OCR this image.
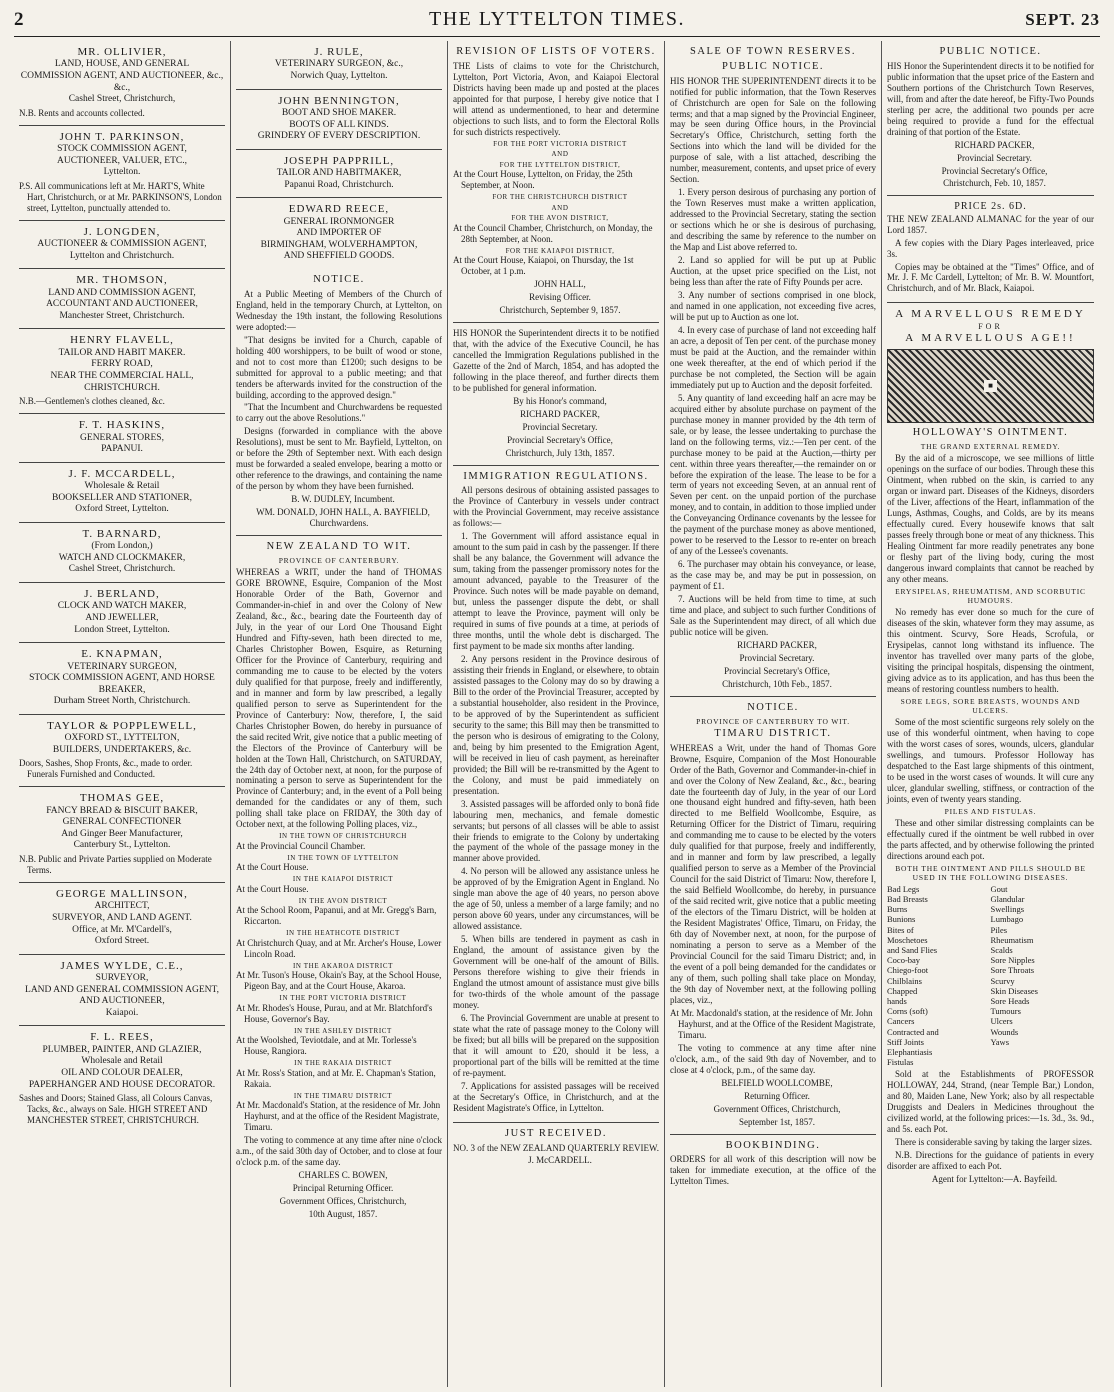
2	THE LYTTELTON TIMES.	SEPT. 23
MR. OLLIVIER,
LAND, HOUSE, AND GENERAL
COMMISSION AGENT, AND AUCTIONEER, &c., &c.,
Cashel Street, Christchurch,
N.B. Rents and accounts collected.
JOHN T. PARKINSON,
STOCK COMMISSION AGENT,
AUCTIONEER, VALUER, ETC.,
Lyttelton.
P.S. All communications left at Mr. HART'S, White Hart, Christchurch, or at Mr. PARKINSON'S, London street, Lyttelton, punctually attended to.
J. LONGDEN,
AUCTIONEER & COMMISSION AGENT,
Lyttelton and Christchurch.
MR. THOMSON,
LAND AND COMMISSION AGENT,
ACCOUNTANT AND AUCTIONEER,
Manchester Street, Christchurch.
HENRY FLAVELL,
TAILOR AND HABIT MAKER.
FERRY ROAD,
NEAR THE COMMERCIAL HALL,
CHRISTCHURCH.
N.B.—Gentlemen's clothes cleaned, &c.
F. T. HASKINS,
GENERAL STORES,
PAPANUI.
J. F. MCCARDELL,
Wholesale & Retail
BOOKSELLER AND STATIONER,
Oxford Street, Lyttelton.
T. BARNARD,
(From London,)
WATCH AND CLOCKMAKER,
Cashel Street, Christchurch.
J. BERLAND,
CLOCK AND WATCH MAKER,
AND JEWELLER,
London Street, Lyttelton.
E. KNAPMAN,
VETERINARY SURGEON,
STOCK COMMISSION AGENT, AND HORSE BREAKER,
Durham Street North, Christchurch.
TAYLOR & POPPLEWELL,
OXFORD ST., LYTTELTON,
BUILDERS, UNDERTAKERS, &c.
Doors, Sashes, Shop Fronts, &c., made to order. Funerals Furnished and Conducted.
THOMAS GEE,
FANCY BREAD & BISCUIT BAKER,
GENERAL CONFECTIONER
And Ginger Beer Manufacturer,
Canterbury St., Lyttelton.
N.B. Public and Private Parties supplied on Moderate Terms.
GEORGE MALLINSON,
ARCHITECT,
SURVEYOR, AND LAND AGENT.
Office, at Mr. M'Cardell's,
Oxford Street.
JAMES WYLDE, C.E.,
SURVEYOR,
LAND AND GENERAL COMMISSION AGENT,
AND AUCTIONEER,
Kaiapoi.
F. L. REES,
PLUMBER, PAINTER, AND GLAZIER,
Wholesale and Retail
OIL AND COLOUR DEALER,
PAPERHANGER AND HOUSE DECORATOR.
Sashes and Doors; Stained Glass, all Colours Canvas, Tacks, &c., always on Sale. HIGH STREET AND MANCHESTER STREET, CHRISTCHURCH.
J. RULE,
VETERINARY SURGEON, &c.,
Norwich Quay, Lyttelton.
JOHN BENNINGTON,
BOOT AND SHOE MAKER.
BOOTS OF ALL KINDS.
GRINDERY OF EVERY DESCRIPTION.
JOSEPH PAPPRILL,
TAILOR AND HABITMAKER,
Papanui Road, Christchurch.
EDWARD REECE,
GENERAL IRONMONGER
AND IMPORTER OF
BIRMINGHAM, WOLVERHAMPTON,
AND SHEFFIELD GOODS.
NOTICE.

At a Public Meeting of Members of the Church of England, held in the temporary Church, at Lyttelton, on Wednesday the 19th instant, the following Resolutions were adopted:—

"That designs be invited for a Church, capable of holding 400 worshippers, to be built of wood or stone, and not to cost more than £1200; such designs to be submitted for approval to a public meeting; and that tenders be afterwards invited for the construction of the building, according to the approved design."

"That the Incumbent and Churchwardens be requested to carry out the above Resolutions."

Designs (forwarded in compliance with the above Resolutions), must be sent to Mr. Bayfield, Lyttelton, on or before the 29th of September next. With each design must be forwarded a sealed envelope, bearing a motto or other reference to the drawings, and containing the name of the person by whom they have been furnished.

B. W. DUDLEY, Incumbent.

WM. DONALD, JOHN HALL, A. BAYFIELD, Churchwardens.

NEW ZEALAND TO WIT.
PROVINCE OF CANTERBURY.

WHEREAS a WRIT, under the hand of THOMAS GORE BROWNE, Esquire, Companion of the Most Honorable Order of the Bath, Governor and Commander-in-chief in and over the Colony of New Zealand, &c., &c., bearing date the Fourteenth day of July, in the year of our Lord One Thousand Eight Hundred and Fifty-seven, hath been directed to me, Charles Christopher Bowen, Esquire, as Returning Officer for the Province of Canterbury, requiring and commanding me to cause to be elected by the voters duly qualified for that purpose, freely and indifferently, and in manner and form by law prescribed, a legally qualified person to serve as Superintendent for the Province of Canterbury: Now, therefore, I, the said Charles Christopher Bowen, do hereby in pursuance of the said recited Writ, give notice that a public meeting of the Electors of the Province of Canterbury will be holden at the Town Hall, Christchurch, on SATURDAY, the 24th day of October next, at noon, for the purpose of nominating a person to serve as Superintendent for the Province of Canterbury; and, in the event of a Poll being demanded for the candidates or any of them, such polling shall take place on FRIDAY, the 30th day of October next, at the following Polling places, viz.,

IN THE TOWN OF CHRISTCHURCH

At the Provincial Council Chamber.

IN THE TOWN OF LYTTELTON

At the Court House.

IN THE KAIAPOI DISTRICT

At the Court House.

IN THE AVON DISTRICT

At the School Room, Papanui, and at Mr. Gregg's Barn, Riccarton.

IN THE HEATHCOTE DISTRICT

At Christchurch Quay, and at Mr. Archer's House, Lower Lincoln Road.

IN THE AKAROA DISTRICT

At Mr. Tuson's House, Okain's Bay, at the School House, Pigeon Bay, and at the Court House, Akaroa.

IN THE PORT VICTORIA DISTRICT

At Mr. Rhodes's House, Purau, and at Mr. Blatchford's House, Governor's Bay.

IN THE ASHLEY DISTRICT

At the Woolshed, Teviotdale, and at Mr. Torlesse's House, Rangiora.

IN THE RAKAIA DISTRICT

At Mr. Ross's Station, and at Mr. E. Chapman's Station, Rakaia.

IN THE TIMARU DISTRICT

At Mr. Macdonald's Station, at the residence of Mr. John Hayhurst, and at the office of the Resident Magistrate, Timaru.

The voting to commence at any time after nine o'clock a.m., of the said 30th day of October, and to close at four o'clock p.m. of the same day.

CHARLES C. BOWEN,

Principal Returning Officer.

Government Offices, Christchurch,

10th August, 1857.

REVISION OF LISTS OF VOTERS.

THE Lists of claims to vote for the Christchurch, Lyttelton, Port Victoria, Avon, and Kaiapoi Electoral Districts having been made up and posted at the places appointed for that purpose, I hereby give notice that I will attend as undermentioned, to hear and determine objections to such lists, and to form the Electoral Rolls for such districts respectively.

FOR THE PORT VICTORIA DISTRICT

AND

FOR THE LYTTELTON DISTRICT,

At the Court House, Lyttelton, on Friday, the 25th September, at Noon.

FOR THE CHRISTCHURCH DISTRICT

AND

FOR THE AVON DISTRICT,

At the Council Chamber, Christchurch, on Monday, the 28th September, at Noon.

FOR THE KAIAPOI DISTRICT,

At the Court House, Kaiapoi, on Thursday, the 1st October, at 1 p.m.

JOHN HALL,

Revising Officer.

Christchurch, September 9, 1857.

HIS HONOR the Superintendent directs it to be notified that, with the advice of the Executive Council, he has cancelled the Immigration Regulations published in the Gazette of the 2nd of March, 1854, and has adopted the following in the place thereof, and further directs them to be published for general information.

By his Honor's command,

RICHARD PACKER,

Provincial Secretary.

Provincial Secretary's Office,

Christchurch, July 13th, 1857.

IMMIGRATION REGULATIONS.

All persons desirous of obtaining assisted passages to the Province of Canterbury in vessels under contract with the Provincial Government, may receive assistance as follows:—

1. The Government will afford assistance equal in amount to the sum paid in cash by the passenger. If there shall be any balance, the Government will advance the sum, taking from the passenger promissory notes for the amount advanced, payable to the Treasurer of the Province. Such notes will be made payable on demand, but, unless the passenger dispute the debt, or shall attempt to leave the Province, payment will only be required in sums of five pounds at a time, at periods of three months, until the whole debt is discharged. The first payment to be made six months after landing.

2. Any persons resident in the Province desirous of assisting their friends in England, or elsewhere, to obtain assisted passages to the Colony may do so by drawing a Bill to the order of the Provincial Treasurer, accepted by a substantial householder, also resident in the Province, to be approved of by the Superintendent as sufficient security to the same; this Bill may then be transmitted to the person who is desirous of emigrating to the Colony, and, being by him presented to the Emigration Agent, will be received in lieu of cash payment, as hereinafter provided; the Bill will be re-transmitted by the Agent to the Colony, and must be paid immediately on presentation.

3. Assisted passages will be afforded only to bonâ fide labouring men, mechanics, and female domestic servants; but persons of all classes will be able to assist their friends to emigrate to the Colony by undertaking the payment of the whole of the passage money in the manner above provided.

4. No person will be allowed any assistance unless he be approved of by the Emigration Agent in England. No single man above the age of 40 years, no person above the age of 50, unless a member of a large family; and no person above 60 years, under any circumstances, will be allowed assistance.

5. When bills are tendered in payment as cash in England, the amount of assistance given by the Government will be one-half of the amount of Bills. Persons therefore wishing to give their friends in England the utmost amount of assistance must give bills for two-thirds of the whole amount of the passage money.

6. The Provincial Government are unable at present to state what the rate of passage money to the Colony will be fixed; but all bills will be prepared on the supposition that it will amount to £20, should it be less, a proportional part of the bills will be remitted at the time of re-payment.

7. Applications for assisted passages will be received at the Secretary's Office, in Christchurch, and at the Resident Magistrate's Office, in Lyttelton.

JUST RECEIVED.

NO. 3 of the NEW ZEALAND QUARTERLY REVIEW.

J. McCARDELL.

SALE OF TOWN RESERVES.
PUBLIC NOTICE.

HIS HONOR THE SUPERINTENDENT directs it to be notified for public information, that the Town Reserves of Christchurch are open for Sale on the following terms; and that a map signed by the Provincial Engineer, may be seen during Office hours, in the Provincial Secretary's Office, Christchurch, setting forth the Sections into which the land will be divided for the purpose of sale, with a list attached, describing the number, measurement, contents, and upset price of every Section.

1. Every person desirous of purchasing any portion of the Town Reserves must make a written application, addressed to the Provincial Secretary, stating the section or sections which he or she is desirous of purchasing, and describing the same by reference to the number on the Map and List above referred to.

2. Land so applied for will be put up at Public Auction, at the upset price specified on the List, not being less than after the rate of Fifty Pounds per acre.

3. Any number of sections comprised in one block, and named in one application, not exceeding five acres, will be put up to Auction as one lot.

4. In every case of purchase of land not exceeding half an acre, a deposit of Ten per cent. of the purchase money must be paid at the Auction, and the remainder within one week thereafter, at the end of which period if the purchase be not completed, the Section will be again immediately put up to Auction and the deposit forfeited.

5. Any quantity of land exceeding half an acre may be acquired either by absolute purchase on payment of the purchase money in manner provided by the 4th term of sale, or by lease, the lessee undertaking to purchase the land on the following terms, viz.:—Ten per cent. of the purchase money to be paid at the Auction,—thirty per cent. within three years thereafter,—the remainder on or before the expiration of the lease. The lease to be for a term of years not exceeding Seven, at an annual rent of Seven per cent. on the unpaid portion of the purchase money, and to contain, in addition to those implied under the Conveyancing Ordinance covenants by the lessee for the payment of the purchase money as above mentioned, power to be reserved to the Lessor to re-enter on breach of any of the Lessee's covenants.

6. The purchaser may obtain his conveyance, or lease, as the case may be, and may be put in possession, on payment of £1.

7. Auctions will be held from time to time, at such time and place, and subject to such further Conditions of Sale as the Superintendent may direct, of all which due public notice will be given.

RICHARD PACKER,

Provincial Secretary.

Provincial Secretary's Office,

Christchurch, 10th Feb., 1857.

NOTICE.
PROVINCE OF CANTERBURY TO WIT.
TIMARU DISTRICT.

WHEREAS a Writ, under the hand of Thomas Gore Browne, Esquire, Companion of the Most Honourable Order of the Bath, Governor and Commander-in-chief in and over the Colony of New Zealand, &c., &c., bearing date the fourteenth day of July, in the year of our Lord one thousand eight hundred and fifty-seven, hath been directed to me Belfield Woollcombe, Esquire, as Returning Officer for the District of Timaru, requiring and commanding me to cause to be elected by the voters duly qualified for that purpose, freely and indifferently, and in manner and form by law prescribed, a legally qualified person to serve as a Member of the Provincial Council for the said District of Timaru: Now, therefore I, the said Belfield Woollcombe, do hereby, in pursuance of the said recited writ, give notice that a public meeting of the electors of the Timaru District, will be holden at the Resident Magistrates' Office, Timaru, on Friday, the 6th day of November next, at noon, for the purpose of nominating a person to serve as a Member of the Provincial Council for the said Timaru District; and, in the event of a poll being demanded for the candidates or any of them, such polling shall take place on Monday, the 9th day of November next, at the following polling places, viz.,

At Mr. Macdonald's station, at the residence of Mr. John Hayhurst, and at the Office of the Resident Magistrate, Timaru.

The voting to commence at any time after nine o'clock, a.m., of the said 9th day of November, and to close at 4 o'clock, p.m., of the same day.

BELFIELD WOOLLCOMBE,

Returning Officer.

Government Offices, Christchurch,

September 1st, 1857.

BOOKBINDING.

ORDERS for all work of this description will now be taken for immediate execution, at the office of the Lyttelton Times.

PUBLIC NOTICE.

HIS Honor the Superintendent directs it to be notified for public information that the upset price of the Eastern and Southern portions of the Christchurch Town Reserves, will, from and after the date hereof, be Fifty-Two Pounds sterling per acre, the additional two pounds per acre being required to provide a fund for the effectual draining of that portion of the Estate.

RICHARD PACKER,

Provincial Secretary.

Provincial Secretary's Office,

Christchurch, Feb. 10, 1857.

PRICE 2s. 6D.

THE NEW ZEALAND ALMANAC for the year of our Lord 1857.

A few copies with the Diary Pages interleaved, price 3s.

Copies may be obtained at the "Times" Office, and of Mr. J. F. Mc Cardell, Lyttelton; of Mr. B. W. Mountfort, Christchurch, and of Mr. Black, Kaiapoi.

A MARVELLOUS REMEDY
FOR
A MARVELLOUS AGE!!
■
HOLLOWAY'S OINTMENT.
THE GRAND EXTERNAL REMEDY.

By the aid of a microscope, we see millions of little openings on the surface of our bodies. Through these this Ointment, when rubbed on the skin, is carried to any organ or inward part. Diseases of the Kidneys, disorders of the Liver, affections of the Heart, inflammation of the Lungs, Asthmas, Coughs, and Colds, are by its means effectually cured. Every housewife knows that salt passes freely through bone or meat of any thickness. This Healing Ointment far more readily penetrates any bone or fleshy part of the living body, curing the most dangerous inward complaints that cannot be reached by any other means.

ERYSIPELAS, RHEUMATISM, AND SCORBUTIC HUMOURS.

No remedy has ever done so much for the cure of diseases of the skin, whatever form they may assume, as this ointment. Scurvy, Sore Heads, Scrofula, or Erysipelas, cannot long withstand its influence. The inventor has travelled over many parts of the globe, visiting the principal hospitals, dispensing the ointment, giving advice as to its application, and has thus been the means of restoring countless numbers to health.

SORE LEGS, SORE BREASTS, WOUNDS AND ULCERS.

Some of the most scientific surgeons rely solely on the use of this wonderful ointment, when having to cope with the worst cases of sores, wounds, ulcers, glandular swellings, and tumours. Professor Holloway has despatched to the East large shipments of this ointment, to be used in the worst cases of wounds. It will cure any ulcer, glandular swelling, stiffness, or contraction of the joints, even of twenty years standing.

PILES AND FISTULAS.

These and other similar distressing complaints can be effectually cured if the ointment be well rubbed in over the parts affected, and by otherwise following the printed directions around each pot.

BOTH THE OINTMENT AND PILLS SHOULD BE USED IN THE FOLLOWING DISEASES.
Bad Legs
Bad Breasts
Burns
Bunions
Bites of Moschetoes and Sand Flies
Coco-bay
Chiego-foot
Chilblains
Chapped hands
Corns (soft)
Cancers
Contracted and Stiff Joints
Elephantiasis
Fistulas
Gout
Glandular Swellings
Lumbago
Piles
Rheumatism
Scalds
Sore Nipples
Sore Throats
Scurvy
Skin Diseases
Sore Heads
Tumours
Ulcers
Wounds
Yaws

Sold at the Establishments of PROFESSOR HOLLOWAY, 244, Strand, (near Temple Bar,) London, and 80, Maiden Lane, New York; also by all respectable Druggists and Dealers in Medicines throughout the civilized world, at the following prices:—1s. 3d., 3s. 9d., and 5s. each Pot.

There is considerable saving by taking the larger sizes.

N.B. Directions for the guidance of patients in every disorder are affixed to each Pot.

Agent for Lyttelton:—A. Bayfeild.
